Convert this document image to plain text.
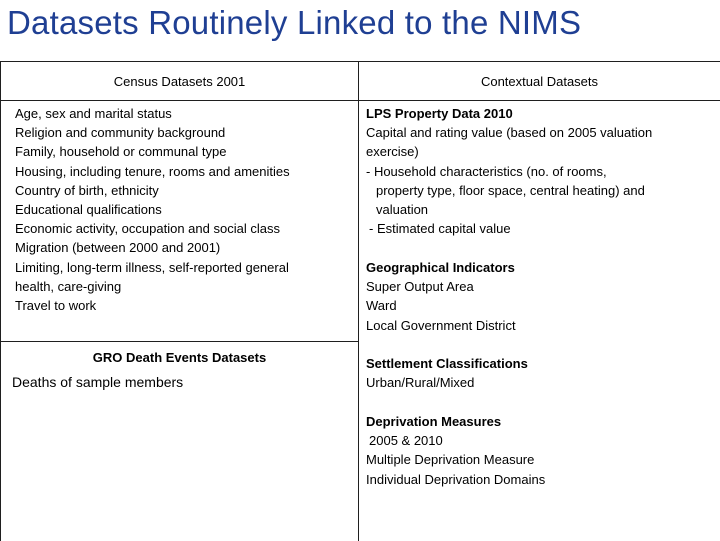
Datasets Routinely Linked to the NIMS
Census Datasets 2001
Age, sex and marital status
Religion and community background
Family, household or communal type
Housing, including tenure, rooms and amenities
Country of birth, ethnicity
Educational qualifications
Economic activity, occupation and social class
Migration (between 2000 and 2001)
Limiting, long-term illness, self-reported general
health, care-giving
Travel to work
GRO Death Events Datasets
Deaths of sample members
Contextual Datasets
LPS Property Data 2010
Capital and rating value (based on 2005 valuation
exercise)
- Household characteristics (no. of rooms,
property type, floor space, central heating) and
valuation
- Estimated capital value
Geographical Indicators
Super Output Area
Ward
Local Government District
Settlement Classifications
Urban/Rural/Mixed
Deprivation Measures
2005 & 2010
Multiple Deprivation Measure
Individual Deprivation Domains
